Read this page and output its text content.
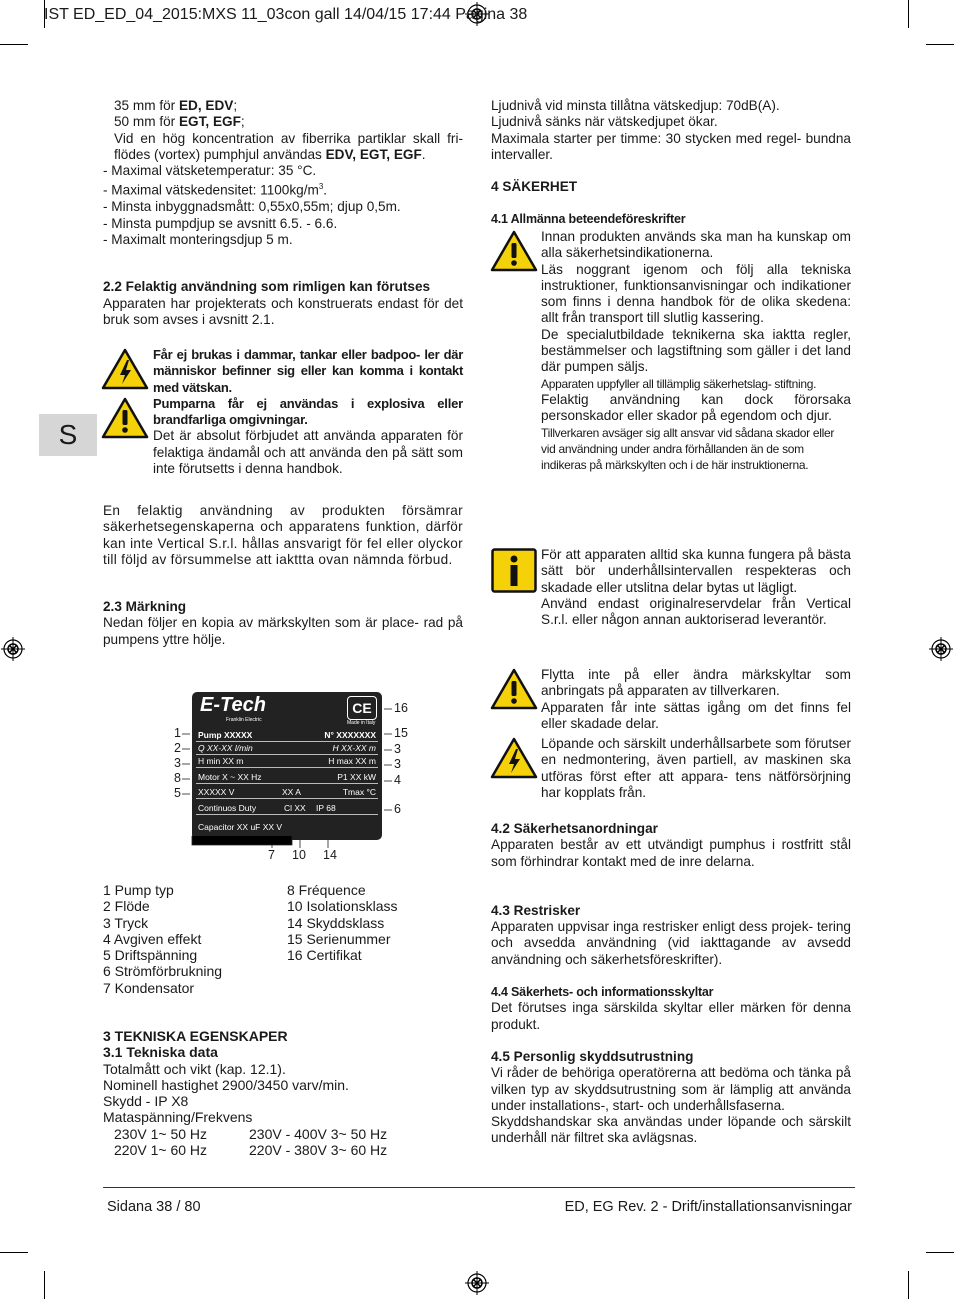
IST ED_ED_04_2015:MXS 11_03con gall 14/04/15 17:44 Pagina 38
S

35 mm för ED, EDV;

50 mm för EGT, EGF;

Vid en hög koncentration av fiberrika partiklar skall fri- flödes (vortex) pumphjul användas EDV, EGT, EGF.

- Maximal vätsketemperatur: 35 °C.

- Maximal vätskedensitet: $1100kg/m^3$.

- Minsta inbyggnadsmått: 0,55x0,55m; djup 0,5m.

- Minsta pumpdjup se avsnitt 6.5. - 6.6.

- Maximalt monteringsdjup 5 m.

2.2 Felaktig användning som rimligen kan förutses

Apparaten har projekterats och konstruerats endast för det bruk som avses i avsnitt 2.1.

Får ej brukas i dammar, tankar eller badpoo- ler där människor befinner sig eller kan komma i kontakt med vätskan.

Pumparna får ej användas i explosiva eller brandfarliga omgivningar.

Det är absolut förbjudet att använda apparaten för felaktiga ändamål och att använda den på sätt som inte förutsetts i denna handbok.

En felaktig användning av produkten försämrar säkerhetsegenskaperna och apparatens funktion, därför kan inte Vertical S.r.l. hållas ansvarigt för fel eller olyckor till följd av försummelse att iakttta ovan nämnda förbud.

2.3 Märkning

Nedan följer en kopia av märkskylten som är place- rad på pumpens yttre hölje.

E-Tech
Franklin Electric
CE
Made in Italy
Pump XXXXX	N° XXXXXXX
Q XX-XX l/min	H XX-XX m
H min XX m	H max XX m
Motor X ~ XX Hz	P1 XX kW
XXXXX V	XX A	Tmax °C
Continuos Duty	Cl XX IP 68
Capacitor XX uF XX V
1
2
3
8
5
16
15
3
3
4
6
7 10 14
1 Pump typ
2 Flöde
3 Tryck
4 Avgiven effekt
5 Driftspänning
6 Strömförbrukning
7 Kondensator
8 Fréquence
10 Isolationsklass
14 Skyddsklass
15 Serienummer
16 Certifikat

3 TEKNISKA EGENSKAPER

3.1 Tekniska data

Totalmått och vikt (kap. 12.1).

Nominell hastighet 2900/3450 varv/min.

Skydd - IP X8

Mataspänning/Frekvens

230V 1~ 50 Hz	230V - 400V 3~ 50 Hz
220V 1~ 60 Hz	220V - 380V 3~ 60 Hz

Ljudnivå vid minsta tillåtna vätskedjup: 70dB(A).

Ljudnivå sänks när vätskedjupet ökar.

Maximala starter per timme: 30 stycken med regel- bundna intervaller.

4 SÄKERHET

4.1 Allmänna beteendeföreskrifter

Innan produkten används ska man ha kunskap om alla säkerhetsindikationerna.

Läs noggrant igenom och följ alla tekniska instruktioner, funktionsanvisningar och indikationer som finns i denna handbok för de olika skedena: allt från transport till slutlig kassering.

De specialutbildade teknikerna ska iaktta regler, bestämmelser och lagstiftning som gäller i det land där pumpen säljs.

Apparaten uppfyller all tillämplig säkerhetslag- stiftning.

Felaktig användning kan dock förorsaka personskador eller skador på egendom och djur.

Tillverkaren avsäger sig allt ansvar vid sådana skador eller vid användning under andra förhållanden än de som indikeras på märkskylten och i de här instruktionerna.

För att apparaten alltid ska kunna fungera på bästa sätt bör underhållsintervallen respekteras och skadade eller utslitna delar bytas ut lägligt.

Använd endast originalreservdelar från Vertical S.r.l. eller någon annan auktoriserad leverantör.

Flytta inte på eller ändra märkskyltar som anbringats på apparaten av tillverkaren.

Apparaten får inte sättas igång om det finns fel eller skadade delar.

Löpande och särskilt underhållsarbete som förutser en nedmontering, även partiell, av maskinen ska utföras först efter att appara- tens nätförsörjning har kopplats från.

4.2 Säkerhetsanordningar

Apparaten består av ett utvändigt pumphus i rostfritt stål som förhindrar kontakt med de inre delarna.

4.3 Restrisker

Apparaten uppvisar inga restrisker enligt dess projek- tering och avsedda användning (vid iakttagande av avsedd användning och säkerhetsföreskrifter).

4.4 Säkerhets- och informationsskyltar

Det förutses inga särskilda skyltar eller märken för denna produkt.

4.5 Personlig skyddsutrustning

Vi råder de behöriga operatörerna att bedöma och tänka på vilken typ av skyddsutrustning som är lämplig att använda under installations-, start- och underhållsfaserna.

Skyddshandskar ska användas under löpande och särskilt underhåll när filtret ska avlägsnas.

Sidana 38 / 80	ED, EG Rev. 2 - Drift/installationsanvisningar
